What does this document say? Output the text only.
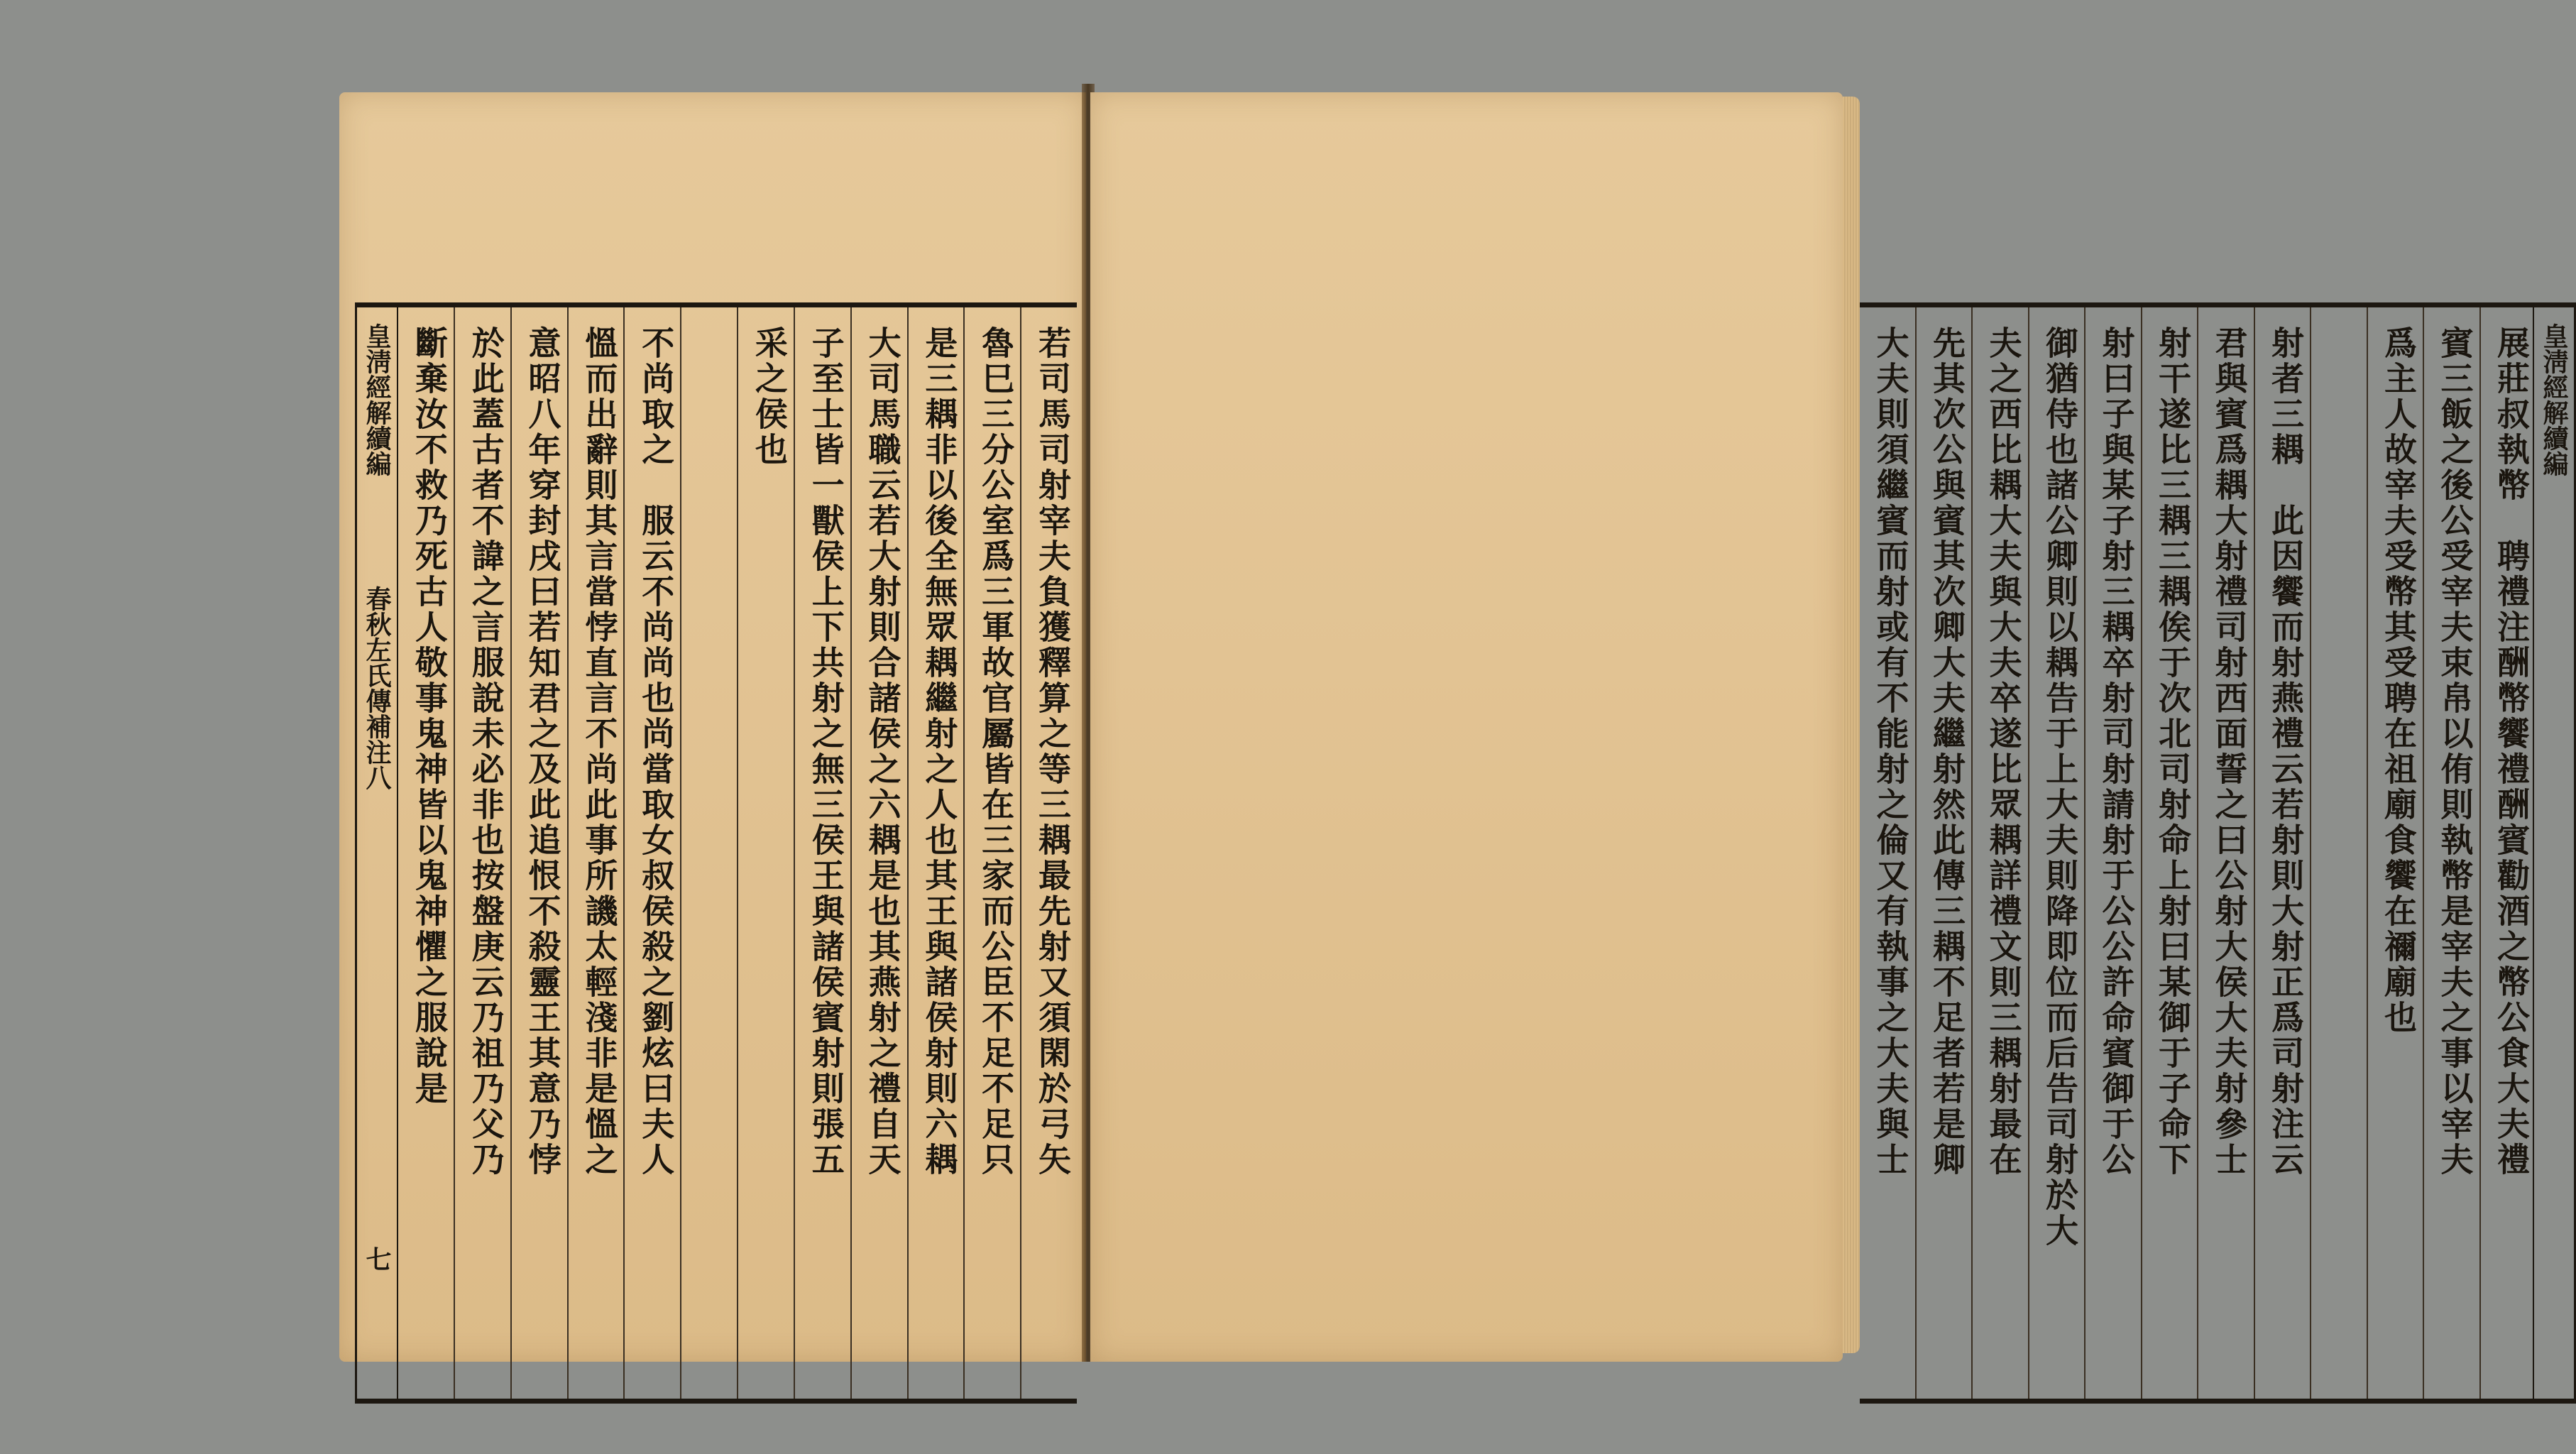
皇淸經解續編  春秋左氏傳補注八 七
若司馬司射宰夫負獲釋算之等三耦最先射又須閑於弓矢
魯巳三分公室爲三軍故官屬皆在三家而公臣不足不足只
是三耦非以後全無眾耦繼射之人也其王與諸侯射則六耦
大司馬職云若大射則合諸侯之六耦是也其燕射之禮自天
子至士皆一獸侯上下共射之無三侯王與諸侯賓射則張五
采之侯也
不尚取之　服云不尚尚也尚當取女叔侯殺之劉炫曰夫人
慍而出辭則其言當悖直言不尚此事所譏太輕淺非是慍之
意昭八年穿封戌曰若知君之及此追恨不殺靈王其意乃悖
於此蓋古者不諱之言服說未必非也按盤庚云乃祖乃父乃
斷棄汝不救乃死古人敬事鬼神皆以鬼神懼之服說是	展莊叔執幣　聘禮注酬幣饗禮酬賓勸酒之幣公食大夫禮
賓三飯之後公受宰夫束帛以侑則執幣是宰夫之事以宰夫
爲主人故宰夫受幣其受聘在祖廟食饗在禰廟也
射者三耦　此因饗而射燕禮云若射則大射正爲司射注云
君與賓爲耦大射禮司射西面誓之曰公射大侯大夫射參士
射干遂比三耦三耦俟于次北司射命上射曰某御于子命下
射曰子與某子射三耦卒射司射請射于公公許命賓御于公
御猶侍也諸公卿則以耦告于上大夫則降即位而后告司射於大
夫之西比耦大夫與大夫卒遂比眾耦詳禮文則三耦射最在
先其次公與賓其次卿大夫繼射然此傳三耦不足者若是卿
大夫則須繼賓而射或有不能射之倫又有執事之大夫與士	皇淸經解續編
